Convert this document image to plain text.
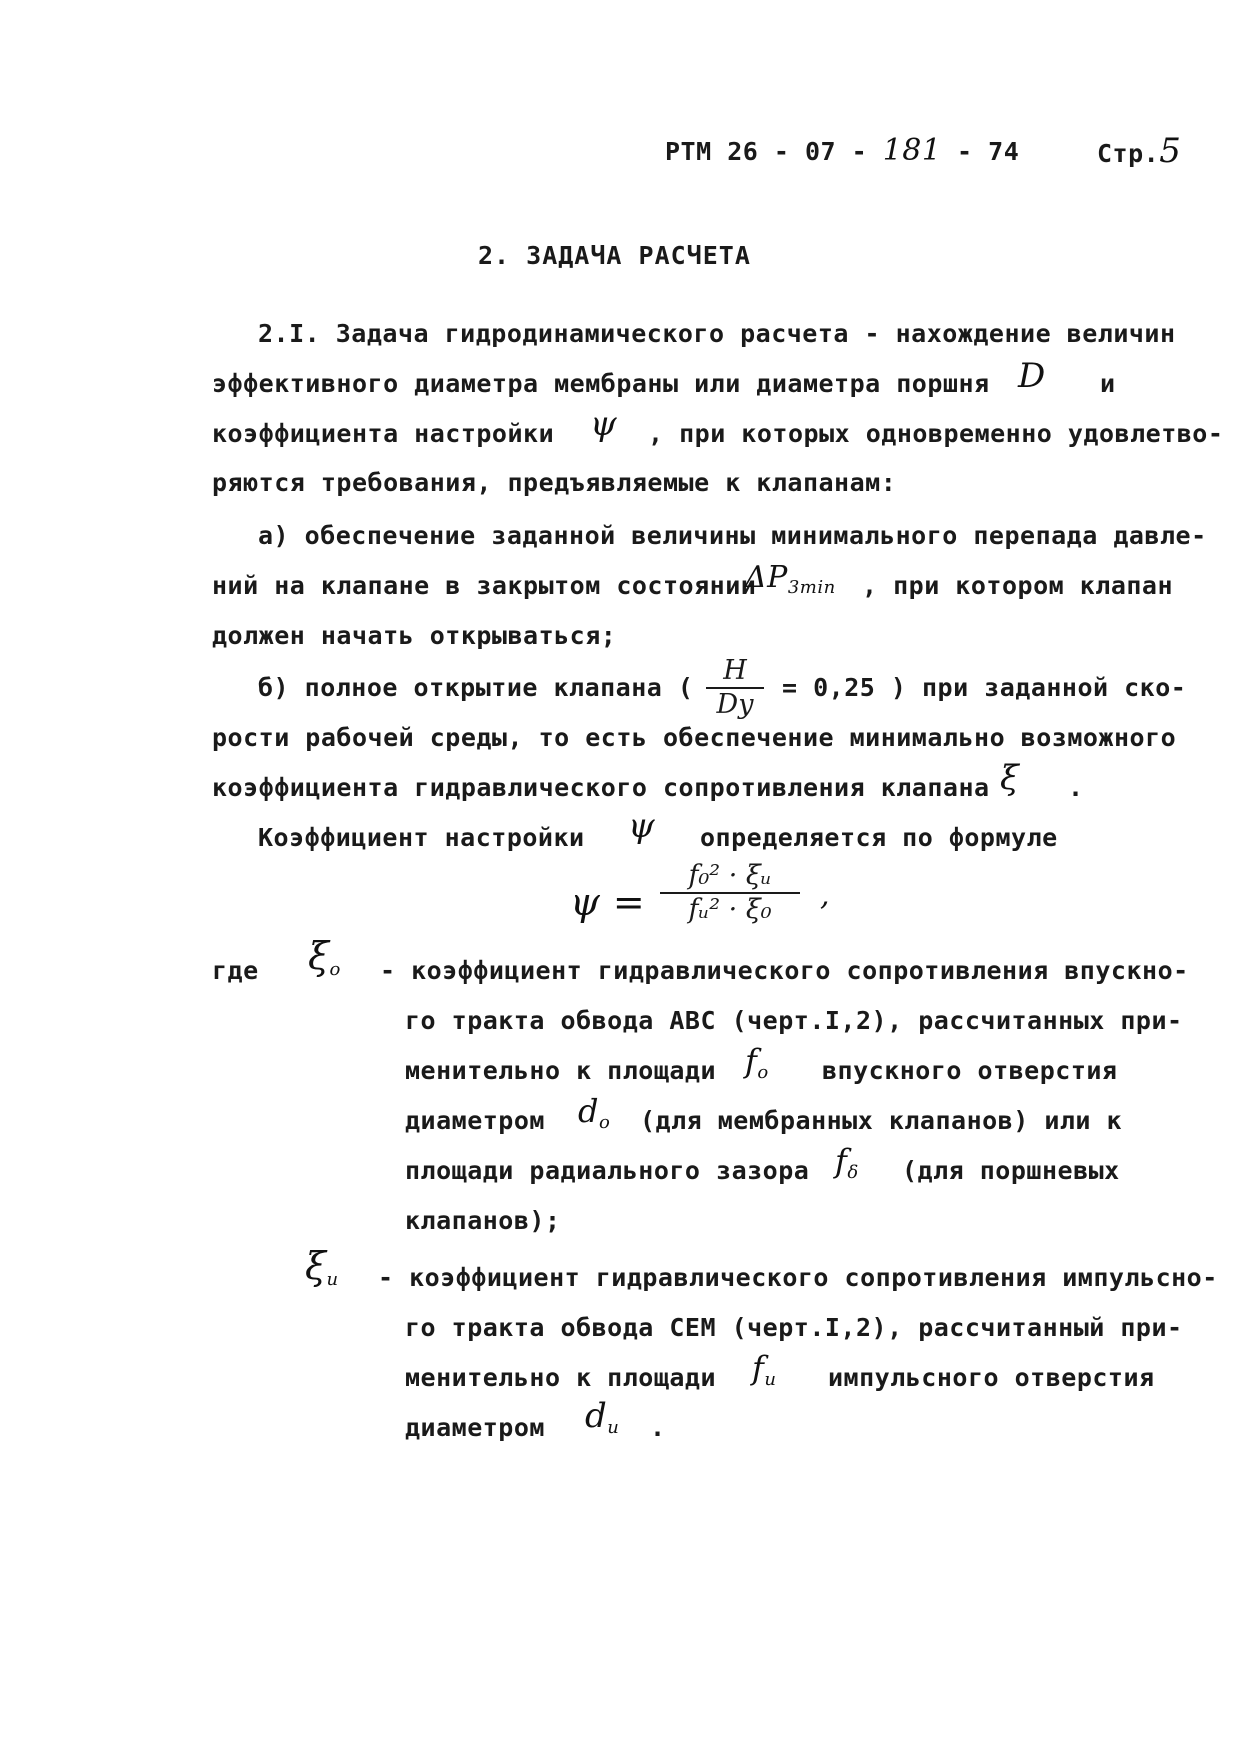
РТМ 26 - 07 - 181 - 74	Стр.5
2. ЗАДАЧА РАСЧЕТА
2.I. Задача гидродинамического расчета - нахождение величин
эффективного диаметра мембраны или диаметра поршня D и
коэффициента настройки ψ , при которых одновременно удовлетво-
ряются требования, предъявляемые к клапанам:
а) обеспечение заданной величины минимального перепада давле-
ний на клапане в закрытом состоянии
$\Delta P_{3min}$ , при котором клапан
должен начать открываться;
б) полное открытие клапана (
H
Dy
= 0,25 ) при заданной ско-
рости рабочей среды, то есть обеспечение минимально возможного
коэффициента гидравлического сопротивления клапана ξ .
Коэффициент настройки ψ определяется по формуле
ψ =
f₀² · ξᵤ
fᵤ² · ξ₀ ,
где $\xi_o$ - коэффициент гидравлического сопротивления впускно-
го тракта обвода АВС (черт.I,2), рассчитанных при-
менительно к площади $f_o$ впускного отверстия
диаметром $d_o$ (для мембранных клапанов) или к
площади радиального зазора $f_\delta$ (для поршневых
клапанов);
$\xi_u$ - коэффициент гидравлического сопротивления импульсно-
го тракта обвода СЕМ (черт.I,2), рассчитанный при-
менительно к площади $f_u$ импульсного отверстия
диаметром $d_u$ .
